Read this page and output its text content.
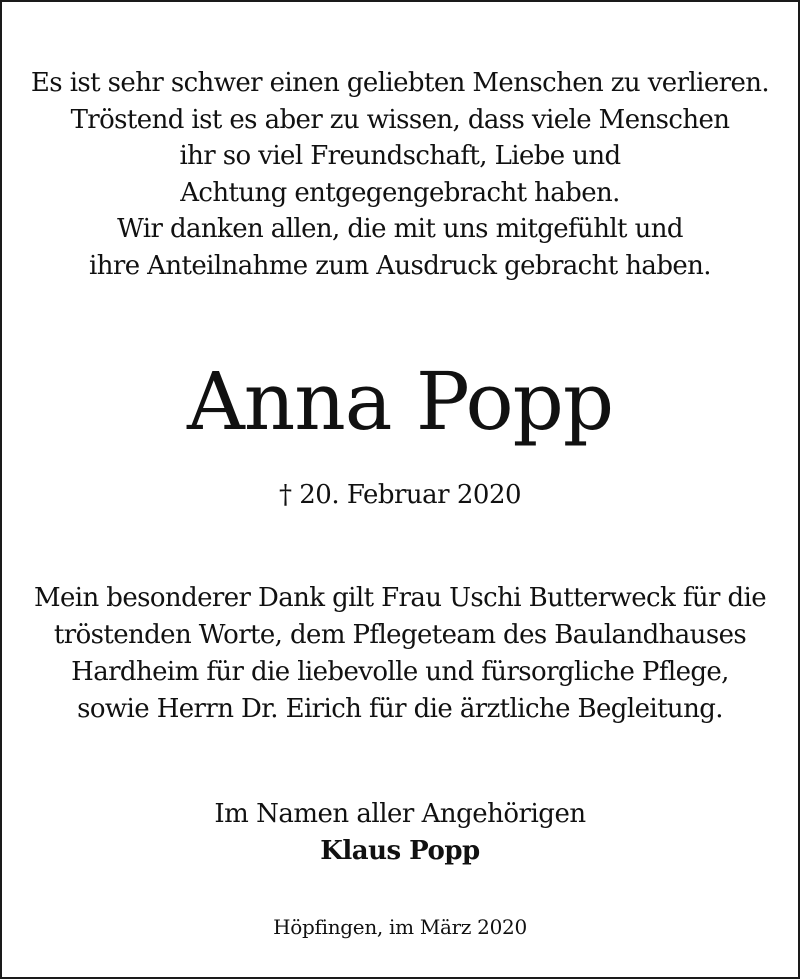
Es ist sehr schwer einen geliebten Menschen zu verlieren.
Tröstend ist es aber zu wissen, dass viele Menschen
ihr so viel Freundschaft, Liebe und
Achtung entgegengebracht haben.
Wir danken allen, die mit uns mitgefühlt und
ihre Anteilnahme zum Ausdruck gebracht haben.

Anna Popp

† 20. Februar 2020

Mein besonderer Dank gilt Frau Uschi Butterweck für die
tröstenden Worte, dem Pflegeteam des Baulandhauses
Hardheim für die liebevolle und fürsorgliche Pflege,
sowie Herrn Dr. Eirich für die ärztliche Begleitung.

Im Namen aller Angehörigen

Klaus Popp

Höpfingen, im März 2020
